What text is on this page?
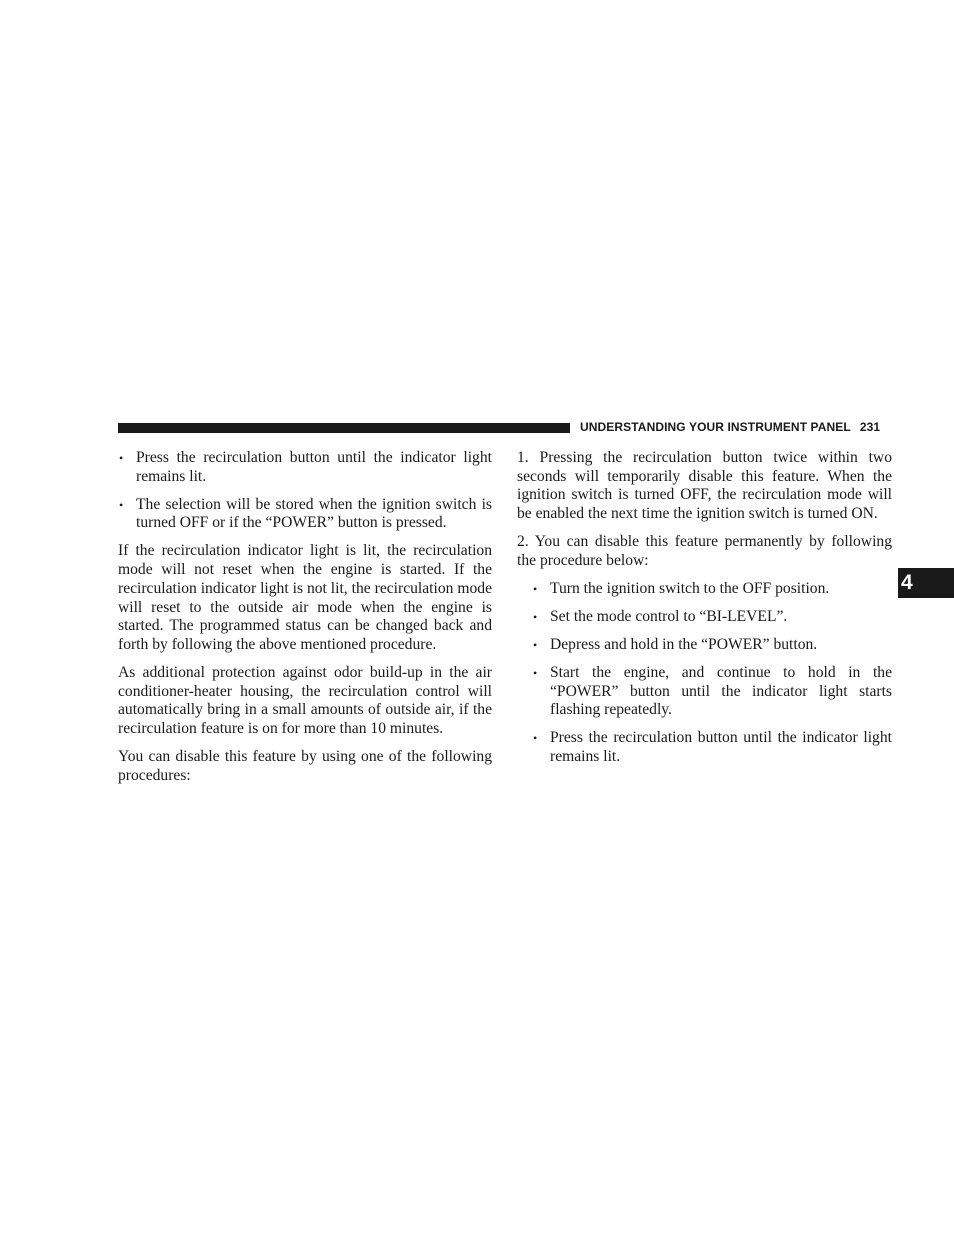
UNDERSTANDING YOUR INSTRUMENT PANEL 231
4
• Press the recirculation button until the indicator light remains lit.
• The selection will be stored when the ignition switch is turned OFF or if the “POWER” button is pressed.

If the recirculation indicator light is lit, the recirculation mode will not reset when the engine is started. If the recirculation indicator light is not lit, the recirculation mode will reset to the outside air mode when the engine is started. The programmed status can be changed back and forth by following the above mentioned procedure.

As additional protection against odor build-up in the air conditioner-heater housing, the recirculation control will automatically bring in a small amounts of outside air, if the recirculation feature is on for more than 10 minutes.

You can disable this feature by using one of the following procedures:

1. Pressing the recirculation button twice within two seconds will temporarily disable this feature. When the ignition switch is turned OFF, the recirculation mode will be enabled the next time the ignition switch is turned ON.

2. You can disable this feature permanently by following the procedure below:

• Turn the ignition switch to the OFF position.
• Set the mode control to “BI-LEVEL”.
• Depress and hold in the “POWER” button.
• Start the engine, and continue to hold in the “POWER” button until the indicator light starts flashing repeatedly.
• Press the recirculation button until the indicator light remains lit.
